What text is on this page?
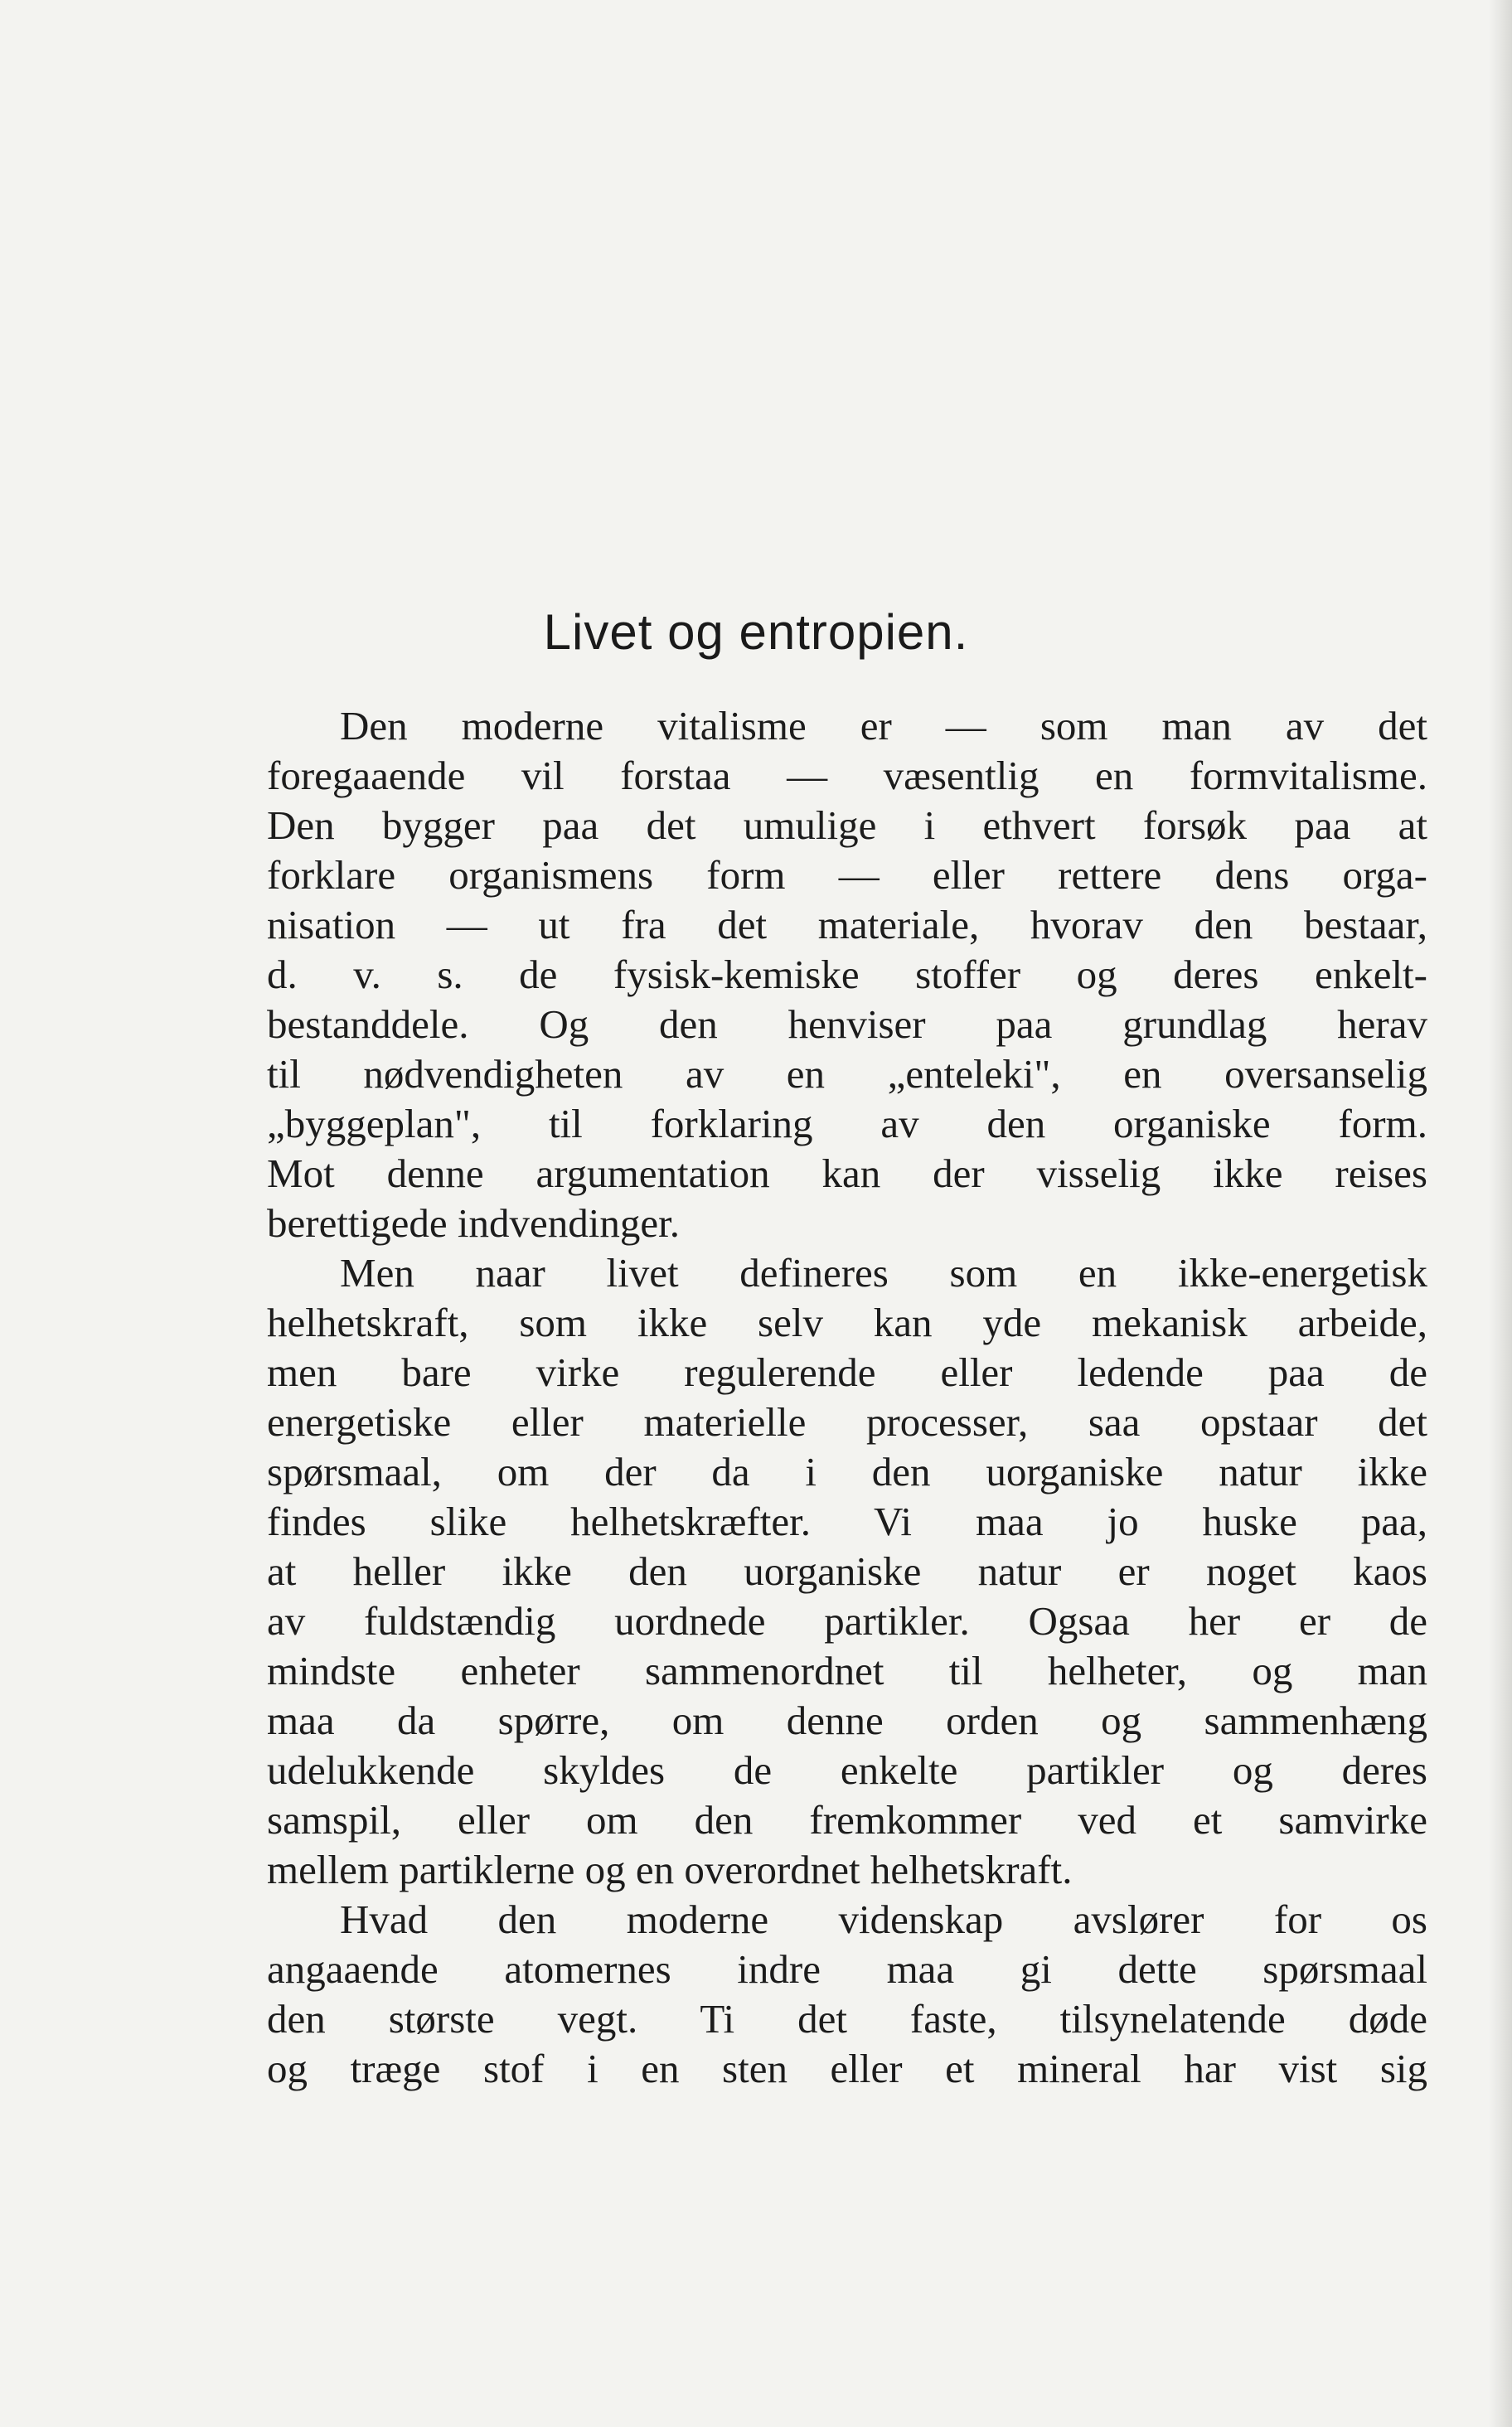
Livet og entropien.
Den moderne vitalisme er — som man av det
foregaaende vil forstaa — væsentlig en formvitalisme.
Den bygger paa det umulige i ethvert forsøk paa at
forklare organismens form — eller rettere dens orga-
nisation — ut fra det materiale, hvorav den bestaar,
d. v. s. de fysisk-kemiske stoffer og deres enkelt-
bestanddele. Og den henviser paa grundlag herav
til nødvendigheten av en „enteleki", en oversanselig
„byggeplan", til forklaring av den organiske form.
Mot denne argumentation kan der visselig ikke reises
berettigede indvendinger.
Men naar livet defineres som en ikke-energetisk
helhetskraft, som ikke selv kan yde mekanisk arbeide,
men bare virke regulerende eller ledende paa de
energetiske eller materielle processer, saa opstaar det
spørsmaal, om der da i den uorganiske natur ikke
findes slike helhetskræfter. Vi maa jo huske paa,
at heller ikke den uorganiske natur er noget kaos
av fuldstændig uordnede partikler. Ogsaa her er de
mindste enheter sammenordnet til helheter, og man
maa da spørre, om denne orden og sammenhæng
udelukkende skyldes de enkelte partikler og deres
samspil, eller om den fremkommer ved et samvirke
mellem partiklerne og en overordnet helhetskraft.
Hvad den moderne videnskap avslører for os
angaaende atomernes indre maa gi dette spørsmaal
den største vegt. Ti det faste, tilsynelatende døde
og træge stof i en sten eller et mineral har vist sig
